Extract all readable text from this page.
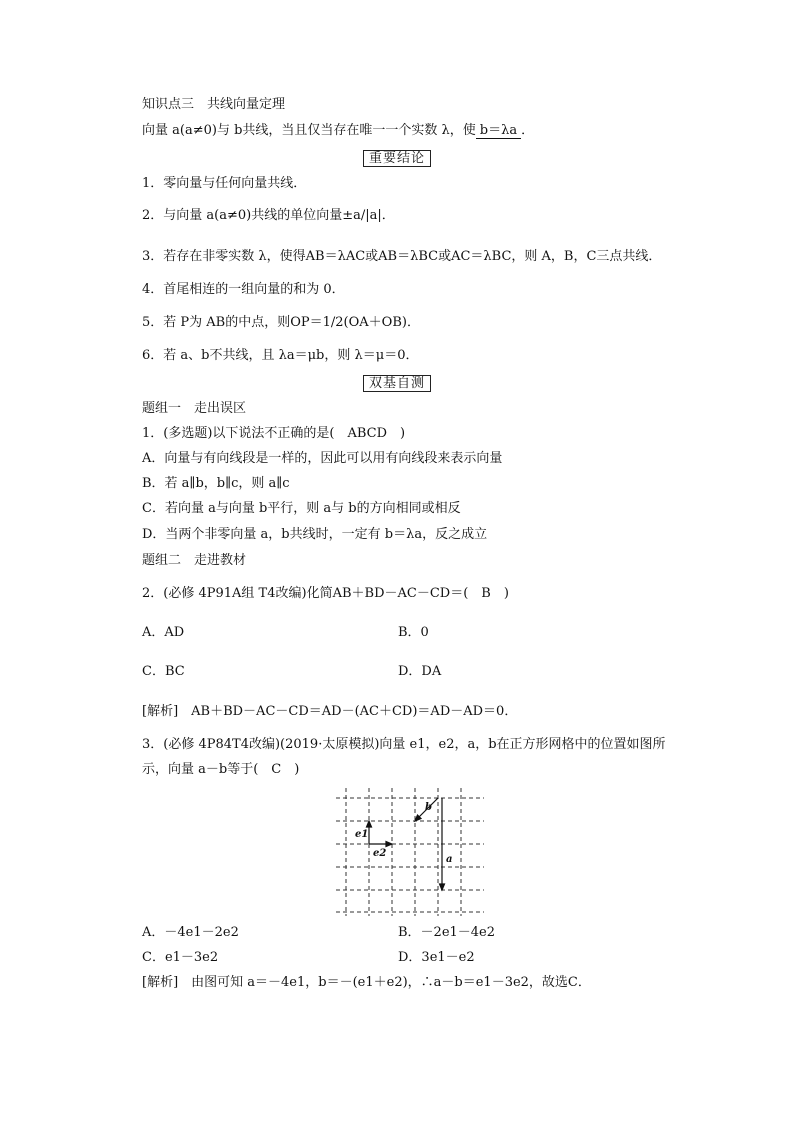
知识点三　共线向量定理
向量 a(a≠0)与 b共线，当且仅当存在唯一一个实数 λ，使 b＝λa ．
重要结论
1．零向量与任何向量共线．
2．与向量 a(a≠0)共线的单位向量±a/|a|．
3．若存在非零实数 λ，使得AB＝λAC或AB＝λBC或AC＝λBC，则 A，B，C三点共线．
4．首尾相连的一组向量的和为 0．
5．若 P为 AB的中点，则OP＝1/2(OA＋OB)．
6．若 a、b不共线，且 λa＝μb，则 λ＝μ＝0．
双基自测
题组一　走出误区
1．(多选题)以下说法不正确的是(　ABCD　)
A．向量与有向线段是一样的，因此可以用有向线段来表示向量
B．若 a∥b，b∥c，则 a∥c
C．若向量 a与向量 b平行，则 a与 b的方向相同或相反
D．当两个非零向量 a，b共线时，一定有 b＝λa，反之成立
题组二　走进教材
2．(必修 4P91A组 T4改编)化简AB＋BD－AC－CD＝(　B　)
A．AD	B．0
C．BC	D．DA
[解析]　AB＋BD－AC－CD＝AD－(AC＋CD)＝AD－AD＝0．
3．(必修 4P84T4改编)(2019·太原模拟)向量 e1，e2，a，b在正方形网格中的位置如图所
示，向量 a－b等于(　C　)
b
e1
e2
a
A．－4e1－2e2	B．－2e1－4e2
C．e1－3e2	D．3e1－e2
[解析]　由图可知 a＝－4e1，b＝－(e1＋e2)，∴a－b＝e1－3e2，故选C．
